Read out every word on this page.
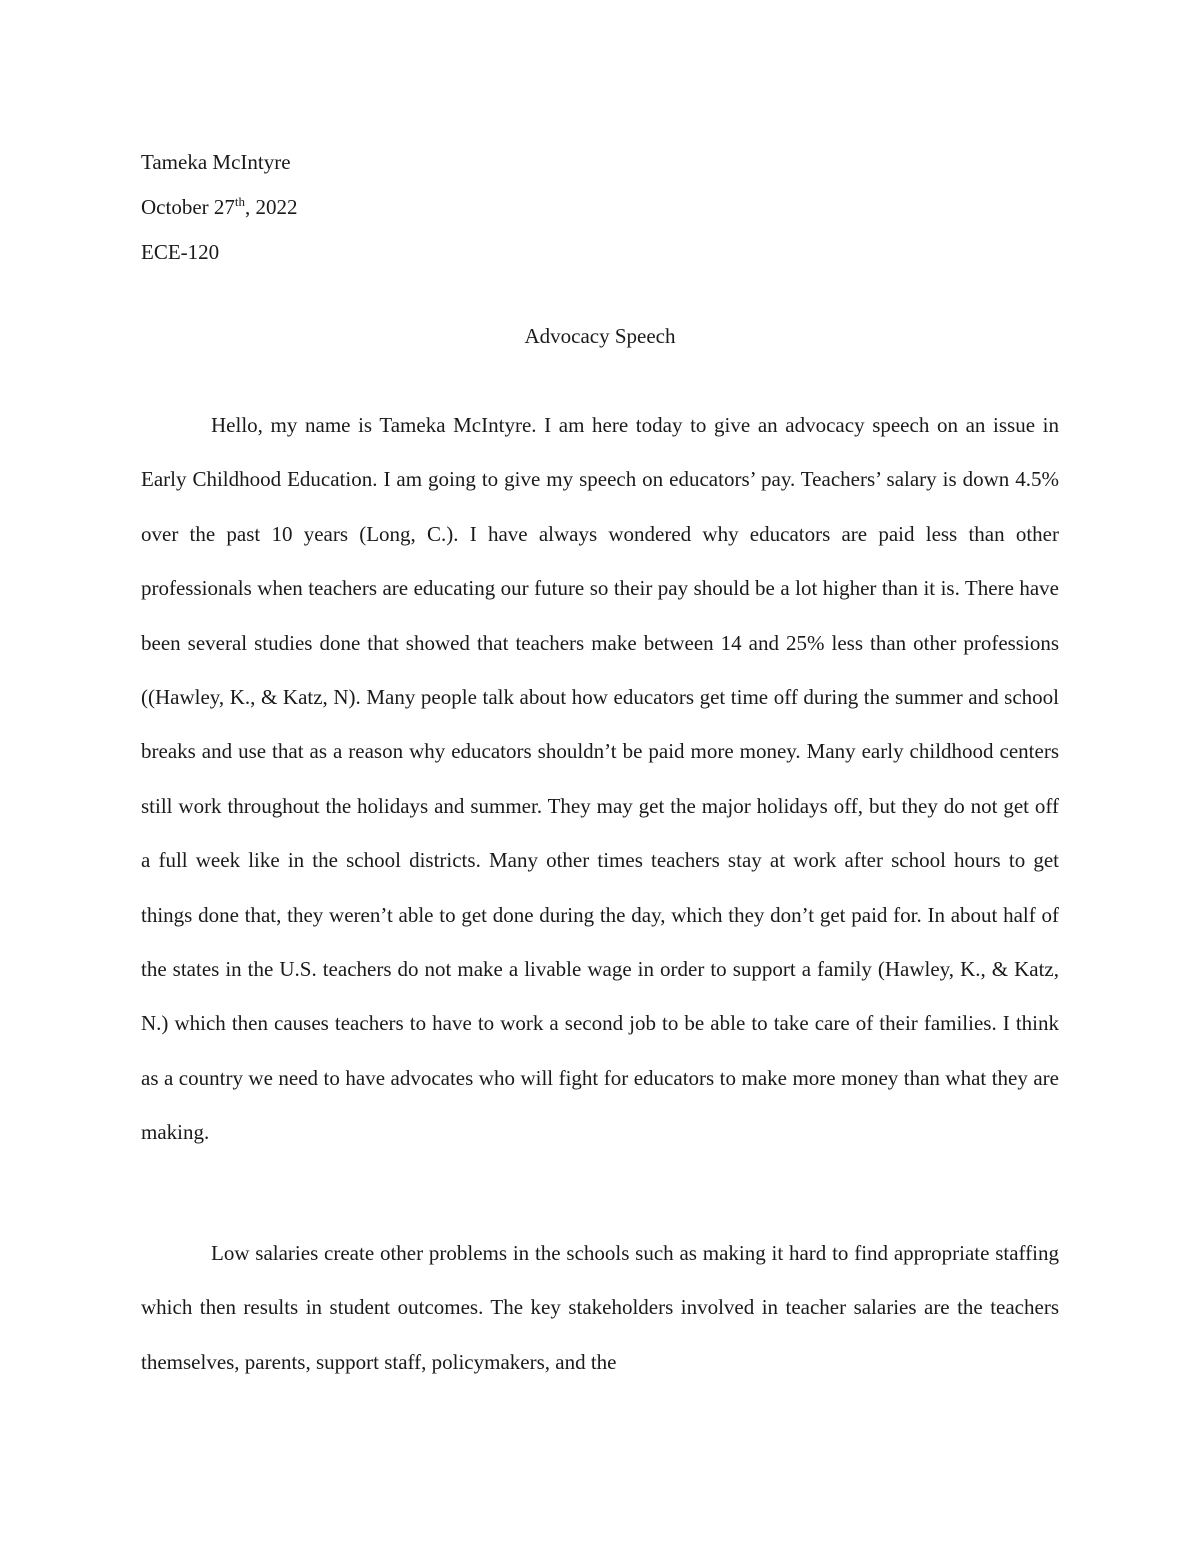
Tameka McIntyre
October 27th, 2022
ECE-120
Advocacy Speech

Hello, my name is Tameka McIntyre. I am here today to give an advocacy speech on an issue in Early Childhood Education. I am going to give my speech on educators’ pay. Teachers’ salary is down 4.5% over the past 10 years (Long, C.). I have always wondered why educators are paid less than other professionals when teachers are educating our future so their pay should be a lot higher than it is. There have been several studies done that showed that teachers make between 14 and 25% less than other professions ((Hawley, K., & Katz, N). Many people talk about how educators get time off during the summer and school breaks and use that as a reason why educators shouldn’t be paid more money. Many early childhood centers still work throughout the holidays and summer. They may get the major holidays off, but they do not get off a full week like in the school districts. Many other times teachers stay at work after school hours to get things done that, they weren’t able to get done during the day, which they don’t get paid for. In about half of the states in the U.S. teachers do not make a livable wage in order to support a family (Hawley, K., & Katz, N.) which then causes teachers to have to work a second job to be able to take care of their families. I think as a country we need to have advocates who will fight for educators to make more money than what they are making.

Low salaries create other problems in the schools such as making it hard to find appropriate staffing which then results in student outcomes. The key stakeholders involved in teacher salaries are the teachers themselves, parents, support staff, policymakers, and the
